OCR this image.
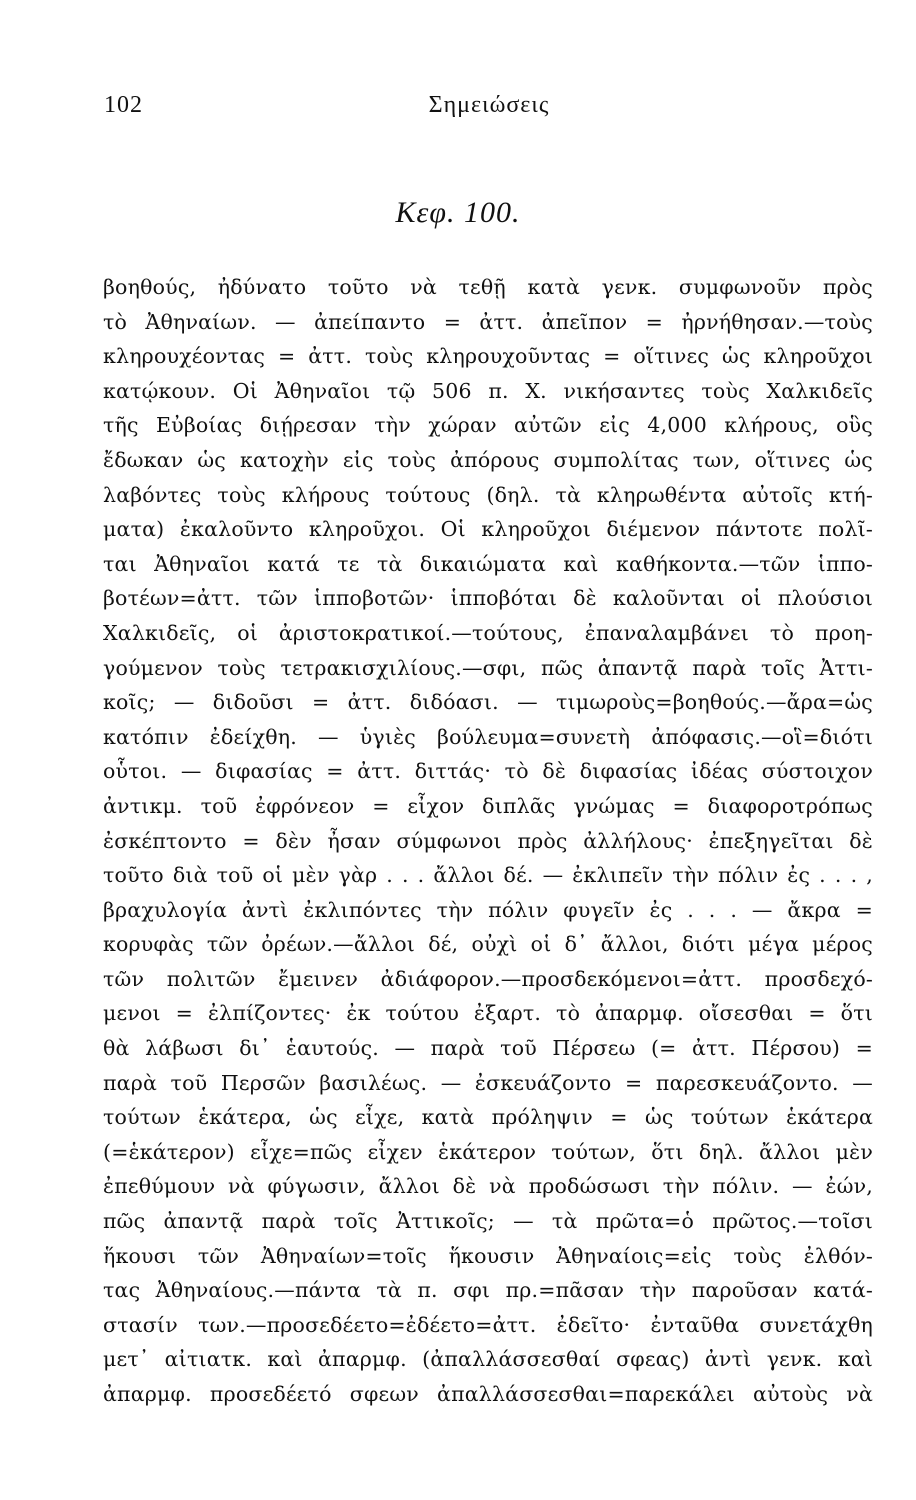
102	Σημειώσεις
Κεφ. 100.
βοηθούς, ἠδύνατο τοῦτο νὰ τεθῇ κατὰ γενκ. συμφωνοῦν πρὸς
τὸ Ἀθηναίων. — ἀπείπαντο = ἀττ. ἀπεῖπον = ἠρνήθησαν.—τοὺς
κληρουχέοντας = ἀττ. τοὺς κληρουχοῦντας = οἵτινες ὡς κληροῦχοι
κατῴκουν. Οἱ Ἀθηναῖοι τῷ 506 π. Χ. νικήσαντες τοὺς Χαλκιδεῖς
τῆς Εὐβοίας διῄρεσαν τὴν χώραν αὐτῶν εἰς 4,000 κλήρους, οὓς
ἔδωκαν ὡς κατοχὴν εἰς τοὺς ἀπόρους συμπολίτας των, οἵτινες ὡς
λαβόντες τοὺς κλήρους τούτους (δηλ. τὰ κληρωθέντα αὐτοῖς κτή-
ματα) ἐκαλοῦντο κληροῦχοι. Οἱ κληροῦχοι διέμενον πάντοτε πολῖ-
ται Ἀθηναῖοι κατά τε τὰ δικαιώματα καὶ καθήκοντα.—τῶν ἱππο-
βοτέων=ἀττ. τῶν ἱπποβοτῶν· ἱπποβόται δὲ καλοῦνται οἱ πλούσιοι
Χαλκιδεῖς, οἱ ἀριστοκρατικοί.—τούτους, ἐπαναλαμβάνει τὸ προη-
γούμενον τοὺς τετρακισχιλίους.—σφι, πῶς ἀπαντᾷ παρὰ τοῖς Ἀττι-
κοῖς; — διδοῦσι = ἀττ. διδόασι. — τιμωροὺς=βοηθούς.—ἄρα=ὡς
κατόπιν ἐδείχθη. — ὑγιὲς βούλευμα=συνετὴ ἀπόφασις.—οἳ=διότι
οὗτοι. — διφασίας = ἀττ. διττάς· τὸ δὲ διφασίας ἰδέας σύστοιχον
ἀντικμ. τοῦ ἐφρόνεον = εἶχον διπλᾶς γνώμας = διαφοροτρόπως
ἐσκέπτοντο = δὲν ἦσαν σύμφωνοι πρὸς ἀλλήλους· ἐπεξηγεῖται δὲ
τοῦτο διὰ τοῦ οἱ μὲν γὰρ . . . ἄλλοι δέ. — ἐκλιπεῖν τὴν πόλιν ἐς . . . ,
βραχυλογία ἀντὶ ἐκλιπόντες τὴν πόλιν φυγεῖν ἐς . . . — ἄκρα =
κορυφὰς τῶν ὀρέων.—ἄλλοι δέ, οὐχὶ οἱ δ᾽ ἄλλοι, διότι μέγα μέρος
τῶν πολιτῶν ἔμεινεν ἀδιάφορον.—προσδεκόμενοι=ἀττ. προσδεχό-
μενοι = ἐλπίζοντες· ἐκ τούτου ἐξαρτ. τὸ ἀπαρμφ. οἴσεσθαι = ὅτι
θὰ λάβωσι δι᾽ ἑαυτούς. — παρὰ τοῦ Πέρσεω (= ἀττ. Πέρσου) =
παρὰ τοῦ Περσῶν βασιλέως. — ἐσκευάζοντο = παρεσκευάζοντο. —
τούτων ἑκάτερα, ὡς εἶχε, κατὰ πρόληψιν = ὡς τούτων ἑκάτερα
(=ἑκάτερον) εἶχε=πῶς εἶχεν ἑκάτερον τούτων, ὅτι δηλ. ἄλλοι μὲν
ἐπεθύμουν νὰ φύγωσιν, ἄλλοι δὲ νὰ προδώσωσι τὴν πόλιν. — ἐών,
πῶς ἀπαντᾷ παρὰ τοῖς Ἀττικοῖς; — τὰ πρῶτα=ὁ πρῶτος.—τοῖσι
ἥκουσι τῶν Ἀθηναίων=τοῖς ἥκουσιν Ἀθηναίοις=εἰς τοὺς ἐλθόν-
τας Ἀθηναίους.—πάντα τὰ π. σφι πρ.=πᾶσαν τὴν παροῦσαν κατά-
στασίν των.—προσεδέετο=ἐδέετο=ἀττ. ἐδεῖτο· ἐνταῦθα συνετάχθη
μετ᾽ αἰτιατκ. καὶ ἀπαρμφ. (ἀπαλλάσσεσθαί σφεας) ἀντὶ γενκ. καὶ
ἀπαρμφ. προσεδέετό σφεων ἀπαλλάσσεσθαι=παρεκάλει αὐτοὺς νὰ
